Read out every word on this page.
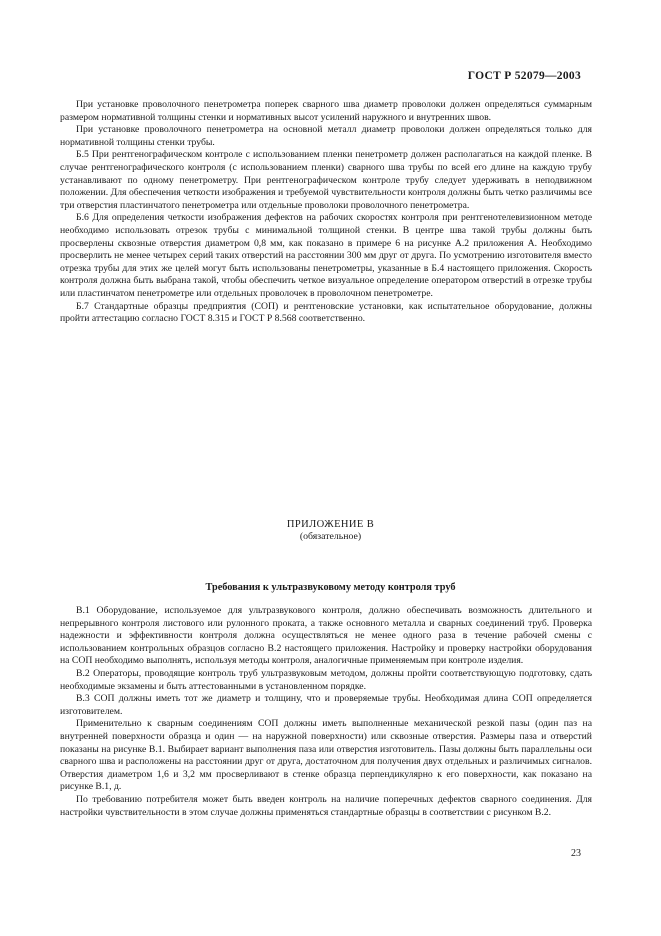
ГОСТ Р 52079—2003

При установке проволочного пенетрометра поперек сварного шва диаметр проволоки должен определяться суммарным размером нормативной толщины стенки и нормативных высот усилений наружного и внутренних швов.

При установке проволочного пенетрометра на основной металл диаметр проволоки должен определяться только для нормативной толщины стенки трубы.

Б.5 При рентгенографическом контроле с использованием пленки пенетрометр должен располагаться на каждой пленке. В случае рентгенографического контроля (с использованием пленки) сварного шва трубы по всей его длине на каждую трубу устанавливают по одному пенетрометру. При рентгенографическом контроле трубу следует удерживать в неподвижном положении. Для обеспечения четкости изображения и требуемой чувствительности контроля должны быть четко различимы все три отверстия пластинчатого пенетрометра или отдельные проволоки проволочного пенетрометра.

Б.6 Для определения четкости изображения дефектов на рабочих скоростях контроля при рентгенотелевизионном методе необходимо использовать отрезок трубы с минимальной толщиной стенки. В центре шва такой трубы должны быть просверлены сквозные отверстия диаметром 0,8 мм, как показано в примере 6 на рисунке А.2 приложения А. Необходимо просверлить не менее четырех серий таких отверстий на расстоянии 300 мм друг от друга. По усмотрению изготовителя вместо отрезка трубы для этих же целей могут быть использованы пенетрометры, указанные в Б.4 настоящего приложения. Скорость контроля должна быть выбрана такой, чтобы обеспечить четкое визуальное определение оператором отверстий в отрезке трубы или пластинчатом пенетрометре или отдельных проволочек в проволочном пенетрометре.

Б.7 Стандартные образцы предприятия (СОП) и рентгеновские установки, как испытательное оборудование, должны пройти аттестацию согласно ГОСТ 8.315 и ГОСТ Р 8.568 соответственно.

ПРИЛОЖЕНИЕ В
(обязательное)
Требования к ультразвуковому методу контроля труб

В.1 Оборудование, используемое для ультразвукового контроля, должно обеспечивать возможность длительного и непрерывного контроля листового или рулонного проката, а также основного металла и сварных соединений труб. Проверка надежности и эффективности контроля должна осуществляться не менее одного раза в течение рабочей смены с использованием контрольных образцов согласно В.2 настоящего приложения. Настройку и проверку настройки оборудования на СОП необходимо выполнять, используя методы контроля, аналогичные применяемым при контроле изделия.

В.2 Операторы, проводящие контроль труб ультразвуковым методом, должны пройти соответствующую подготовку, сдать необходимые экзамены и быть аттестованными в установленном порядке.

В.3 СОП должны иметь тот же диаметр и толщину, что и проверяемые трубы. Необходимая длина СОП определяется изготовителем.

Применительно к сварным соединениям СОП должны иметь выполненные механической резкой пазы (один паз на внутренней поверхности образца и один — на наружной поверхности) или сквозные отверстия. Размеры паза и отверстий показаны на рисунке В.1. Выбирает вариант выполнения паза или отверстия изготовитель. Пазы должны быть параллельны оси сварного шва и расположены на расстоянии друг от друга, достаточном для получения двух отдельных и различимых сигналов. Отверстия диаметром 1,6 и 3,2 мм просверливают в стенке образца перпендикулярно к его поверхности, как показано на рисунке В.1, д.

По требованию потребителя может быть введен контроль на наличие поперечных дефектов сварного соединения. Для настройки чувствительности в этом случае должны применяться стандартные образцы в соответствии с рисунком В.2.

23
